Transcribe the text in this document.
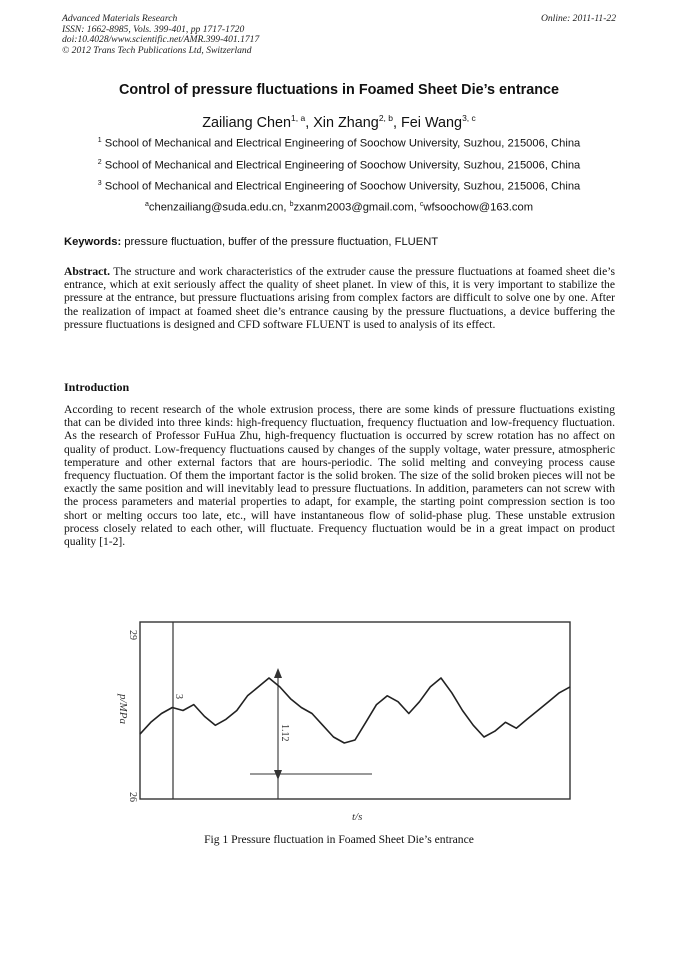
Advanced Materials Research
ISSN: 1662-8985, Vols. 399-401, pp 1717-1720
doi:10.4028/www.scientific.net/AMR.399-401.1717
© 2012 Trans Tech Publications Ltd, Switzerland
Online: 2011-11-22
Control of pressure fluctuations in Foamed Sheet Die’s entrance
Zailiang Chen$^{1, a}$, Xin Zhang$^{2, b}$, Fei Wang$^{3, c}$
$^1$ School of Mechanical and Electrical Engineering of Soochow University, Suzhou, 215006, China
$^2$ School of Mechanical and Electrical Engineering of Soochow University, Suzhou, 215006, China
$^3$ School of Mechanical and Electrical Engineering of Soochow University, Suzhou, 215006, China
$^a$chenzailiang@suda.edu.cn, $^b$zxanm2003@gmail.com, $^c$wfsoochow@163.com
Keywords: pressure fluctuation, buffer of the pressure fluctuation, FLUENT
Abstract. The structure and work characteristics of the extruder cause the pressure fluctuations at foamed sheet die’s entrance, which at exit seriously affect the quality of sheet planet. In view of this, it is very important to stabilize the pressure at the entrance, but pressure fluctuations arising from complex factors are difficult to solve one by one. After the realization of impact at foamed sheet die’s entrance causing by the pressure fluctuations, a device buffering the pressure fluctuations is designed and CFD software FLUENT is used to analysis of its effect.
Introduction
According to recent research of the whole extrusion process, there are some kinds of pressure fluctuations existing that can be divided into three kinds: high-frequency fluctuation, frequency fluctuation and low-frequency fluctuation. As the research of Professor FuHua Zhu, high-frequency fluctuation is occurred by screw rotation has no affect on quality of product. Low-frequency fluctuations caused by changes of the supply voltage, water pressure, atmospheric temperature and other external factors that are hours-periodic. The solid melting and conveying process cause frequency fluctuation. Of them the important factor is the solid broken. The size of the solid broken pieces will not be exactly the same position and will inevitably lead to pressure fluctuations. In addition, parameters can not screw with the process parameters and material properties to adapt, for example, the starting point compression section is too short or melting occurs too late, etc., will have instantaneous flow of solid-phase plug. These unstable extrusion process closely related to each other, will fluctuate. Frequency fluctuation would be in a great impact on product quality [1-2].
29
26
p/MPa
t/s
3
1.12
Fig 1 Pressure fluctuation in Foamed Sheet Die’s entrance
